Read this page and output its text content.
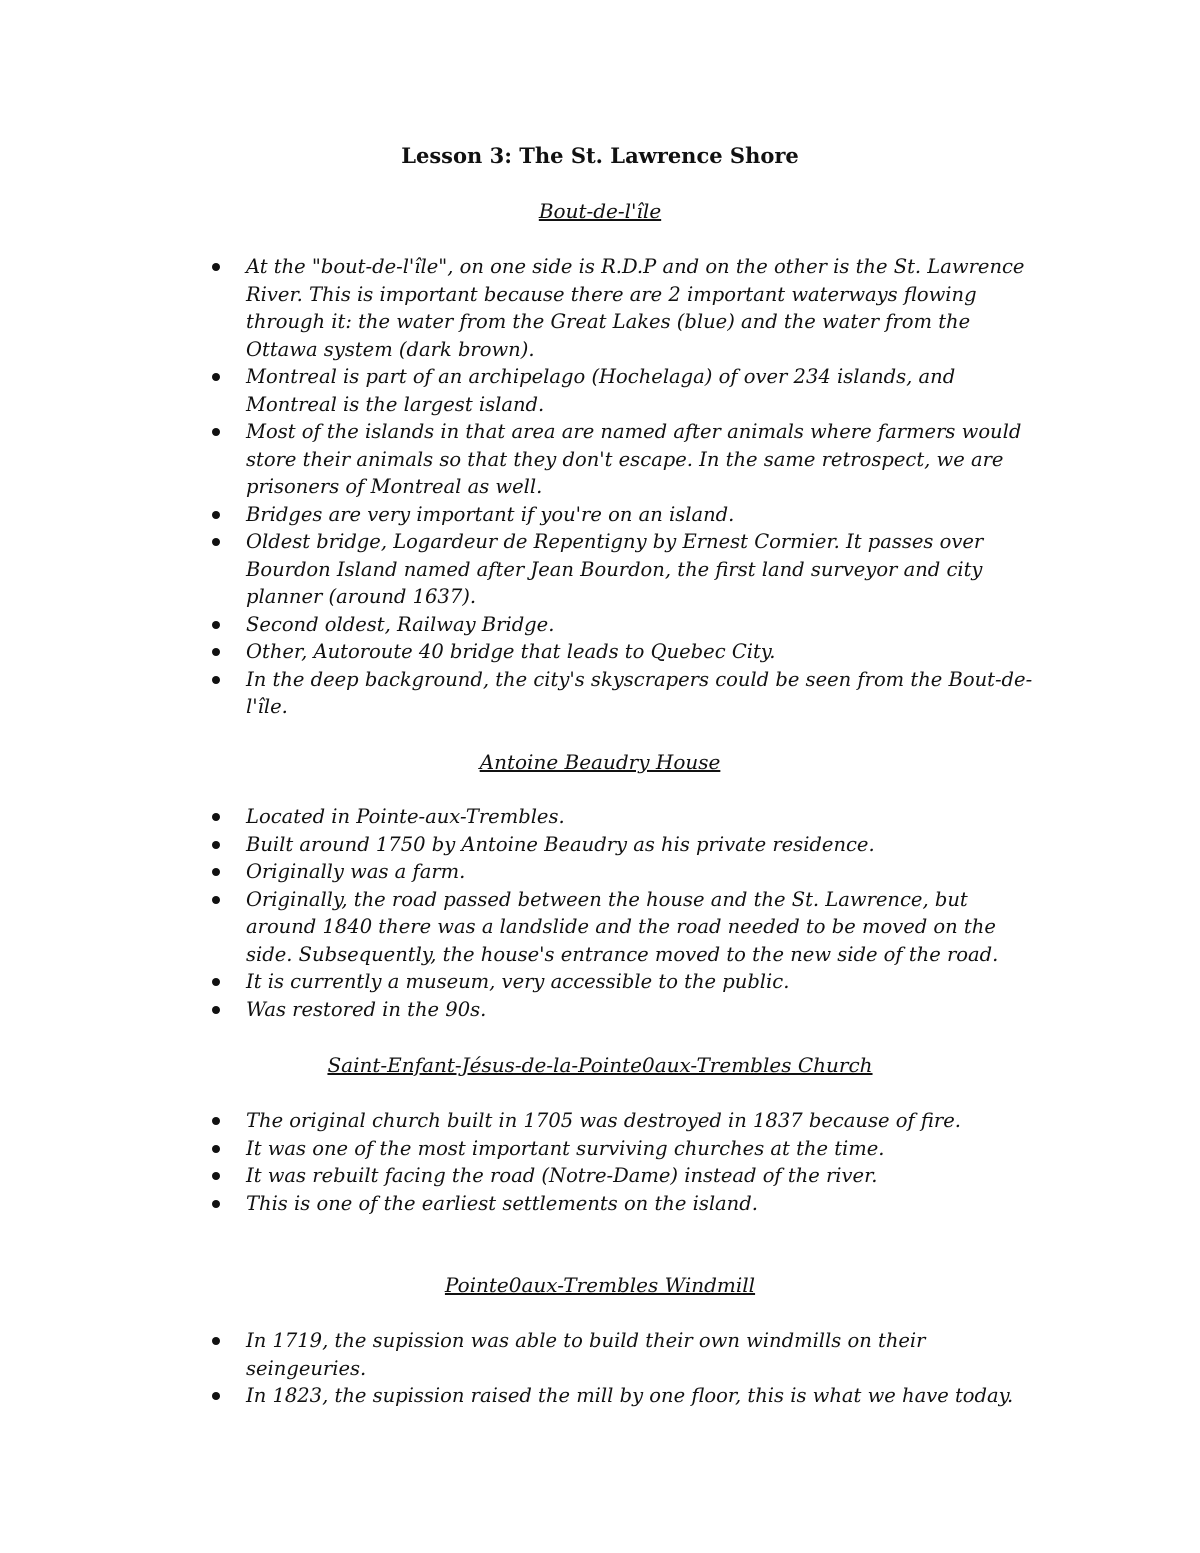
Lesson 3: The St. Lawrence Shore
Bout-de-l'île
At the "bout-de-l'île", on one side is R.D.P and on the other is the St. Lawrence River. This is important because there are 2 important waterways flowing through it: the water from the Great Lakes (blue) and the water from the Ottawa system (dark brown).
Montreal is part of an archipelago (Hochelaga) of over 234 islands, and Montreal is the largest island.
Most of the islands in that area are named after animals where farmers would store their animals so that they don't escape. In the same retrospect, we are prisoners of Montreal as well.
Bridges are very important if you're on an island.
Oldest bridge, Logardeur de Repentigny by Ernest Cormier. It passes over Bourdon Island named after Jean Bourdon, the first land surveyor and city planner (around 1637).
Second oldest, Railway Bridge.
Other, Autoroute 40 bridge that leads to Quebec City.
In the deep background, the city's skyscrapers could be seen from the Bout-de-l'île.
Antoine Beaudry House
Located in Pointe-aux-Trembles.
Built around 1750 by Antoine Beaudry as his private residence.
Originally was a farm.
Originally, the road passed between the house and the St. Lawrence, but around 1840 there was a landslide and the road needed to be moved on the side. Subsequently, the house's entrance moved to the new side of the road.
It is currently a museum, very accessible to the public.
Was restored in the 90s.
Saint-Enfant-Jésus-de-la-Pointe0aux-Trembles Church
The original church built in 1705 was destroyed in 1837 because of fire.
It was one of the most important surviving churches at the time.
It was rebuilt facing the road (Notre-Dame) instead of the river.
This is one of the earliest settlements on the island.
Pointe0aux-Trembles Windmill
In 1719, the supission was able to build their own windmills on their seingeuries.
In 1823, the supission raised the mill by one floor, this is what we have today.
